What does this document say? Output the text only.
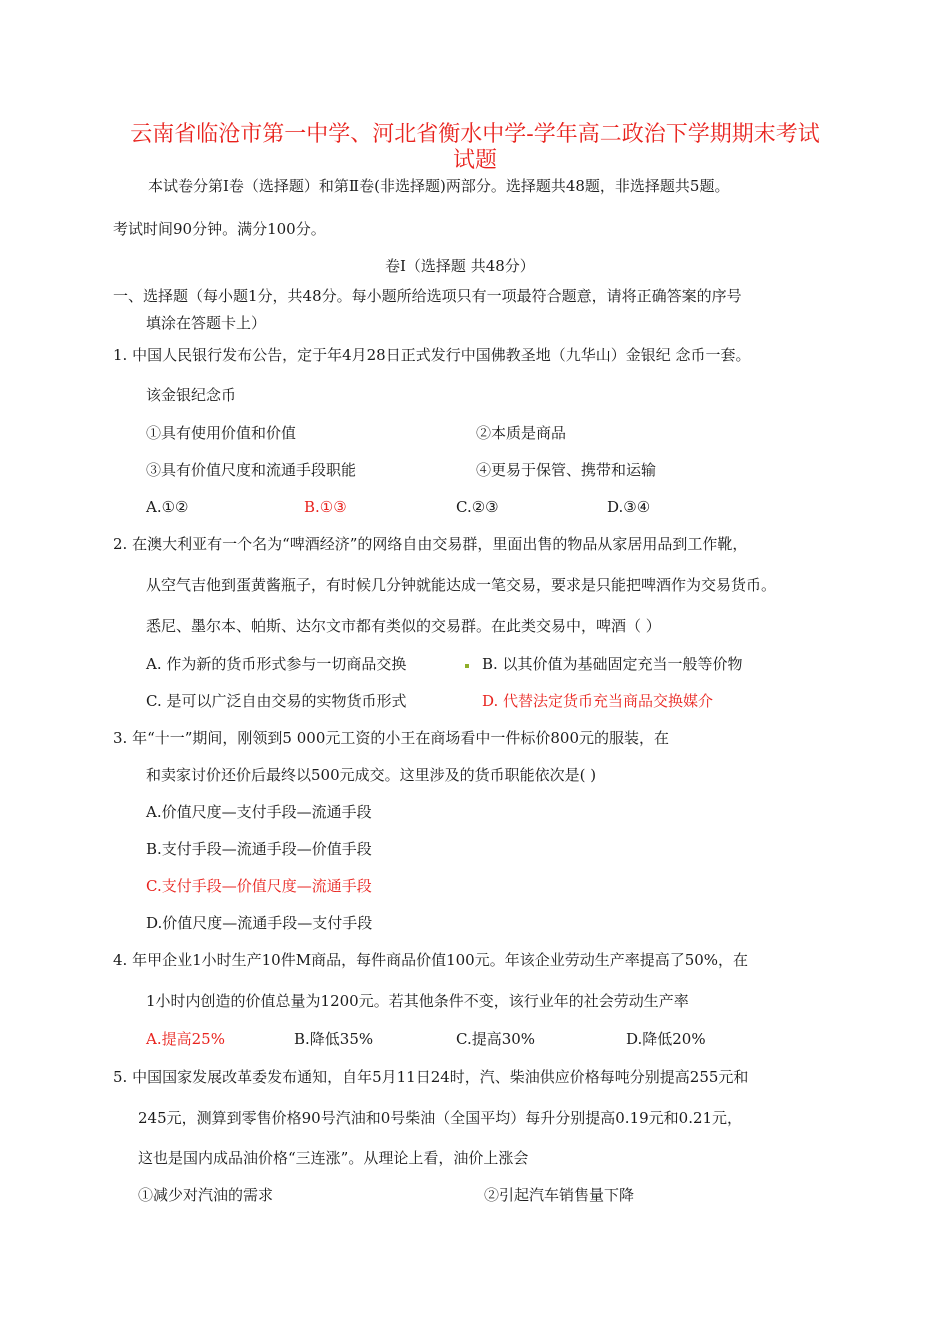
云南省临沧市第一中学、河北省衡水中学-学年高二政治下学期期末考试
试题
本试卷分第Ⅰ卷（选择题）和第Ⅱ卷(非选择题)两部分。选择题共48题，非选择题共5题。
考试时间90分钟。满分100分。
卷Ⅰ（选择题 共48分）
一、选择题（每小题1分，共48分。每小题所给选项只有一项最符合题意，请将正确答案的序号
填涂在答题卡上）
1. 中国人民银行发布公告，定于年4月28日正式发行中国佛教圣地（九华山）金银纪 念币一套。
该金银纪念币
①具有使用价值和价值	②本质是商品
③具有价值尺度和流通手段职能	④更易于保管、携带和运输
A.①②	B.①③	C.②③	D.③④
2. 在澳大利亚有一个名为“啤酒经济”的网络自由交易群，里面出售的物品从家居用品到工作靴，
从空气吉他到蛋黄酱瓶子，有时候几分钟就能达成一笔交易，要求是只能把啤酒作为交易货币。
悉尼、墨尔本、帕斯、达尔文市都有类似的交易群。在此类交易中，啤酒（ ）
A. 作为新的货币形式参与一切商品交换	B. 以其价值为基础固定充当一般等价物
C. 是可以广泛自由交易的实物货币形式	D. 代替法定货币充当商品交换媒介
3. 年“十一”期间，刚领到5 000元工资的小王在商场看中一件标价800元的服装，在
和卖家讨价还价后最终以500元成交。这里涉及的货币职能依次是( )
A.价值尺度—支付手段—流通手段
B.支付手段—流通手段—价值手段
C.支付手段—价值尺度—流通手段
D.价值尺度—流通手段—支付手段
4. 年甲企业1小时生产10件M商品，每件商品价值100元。年该企业劳动生产率提高了50%，在
1小时内创造的价值总量为1200元。若其他条件不变，该行业年的社会劳动生产率
A.提高25%	B.降低35%	C.提高30%	D.降低20%
5. 中国国家发展改革委发布通知，自年5月11日24时，汽、柴油供应价格每吨分别提高255元和
245元，测算到零售价格90号汽油和0号柴油（全国平均）每升分别提高0.19元和0.21元，
这也是国内成品油价格“三连涨”。从理论上看，油价上涨会
①减少对汽油的需求	②引起汽车销售量下降
